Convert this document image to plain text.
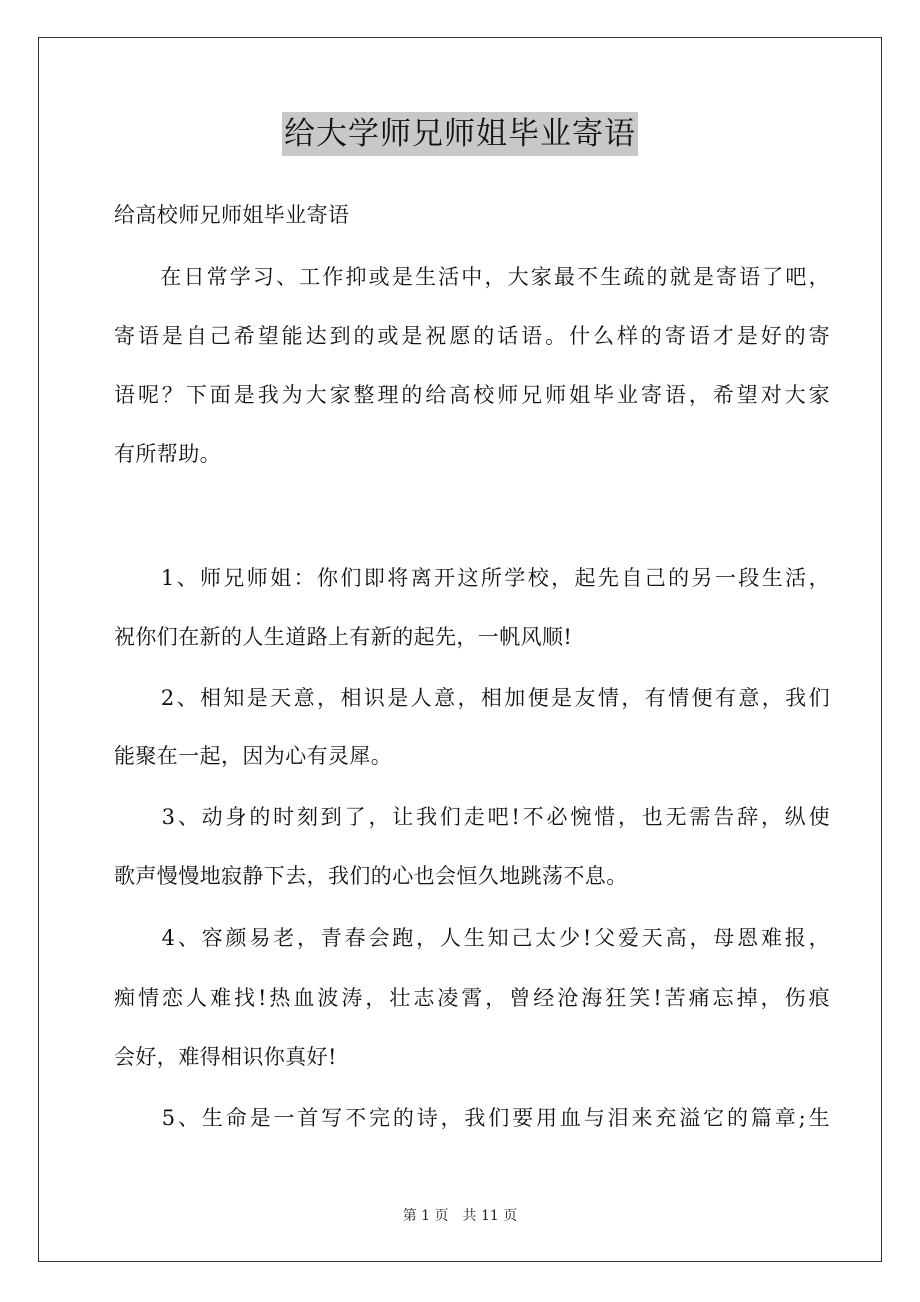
给大学师兄师姐毕业寄语
给高校师兄师姐毕业寄语
　　在日常学习、工作抑或是生活中，大家最不生疏的就是寄语了吧，
寄语是自己希望能达到的或是祝愿的话语。什么样的寄语才是好的寄
语呢？下面是我为大家整理的给高校师兄师姐毕业寄语，希望对大家
有所帮助。
　　1、师兄师姐：你们即将离开这所学校，起先自己的另一段生活，
祝你们在新的人生道路上有新的起先，一帆风顺!
　　2、相知是天意，相识是人意，相加便是友情，有情便有意，我们
能聚在一起，因为心有灵犀。
　　3、动身的时刻到了，让我们走吧!不必惋惜，也无需告辞，纵使
歌声慢慢地寂静下去，我们的心也会恒久地跳荡不息。
　　4、容颜易老，青春会跑，人生知己太少!父爱天高，母恩难报，
痴情恋人难找!热血波涛，壮志凌霄，曾经沧海狂笑!苦痛忘掉，伤痕
会好，难得相识你真好!
　　5、生命是一首写不完的诗，我们要用血与泪来充溢它的篇章;生
第 1 页　共 11 页
